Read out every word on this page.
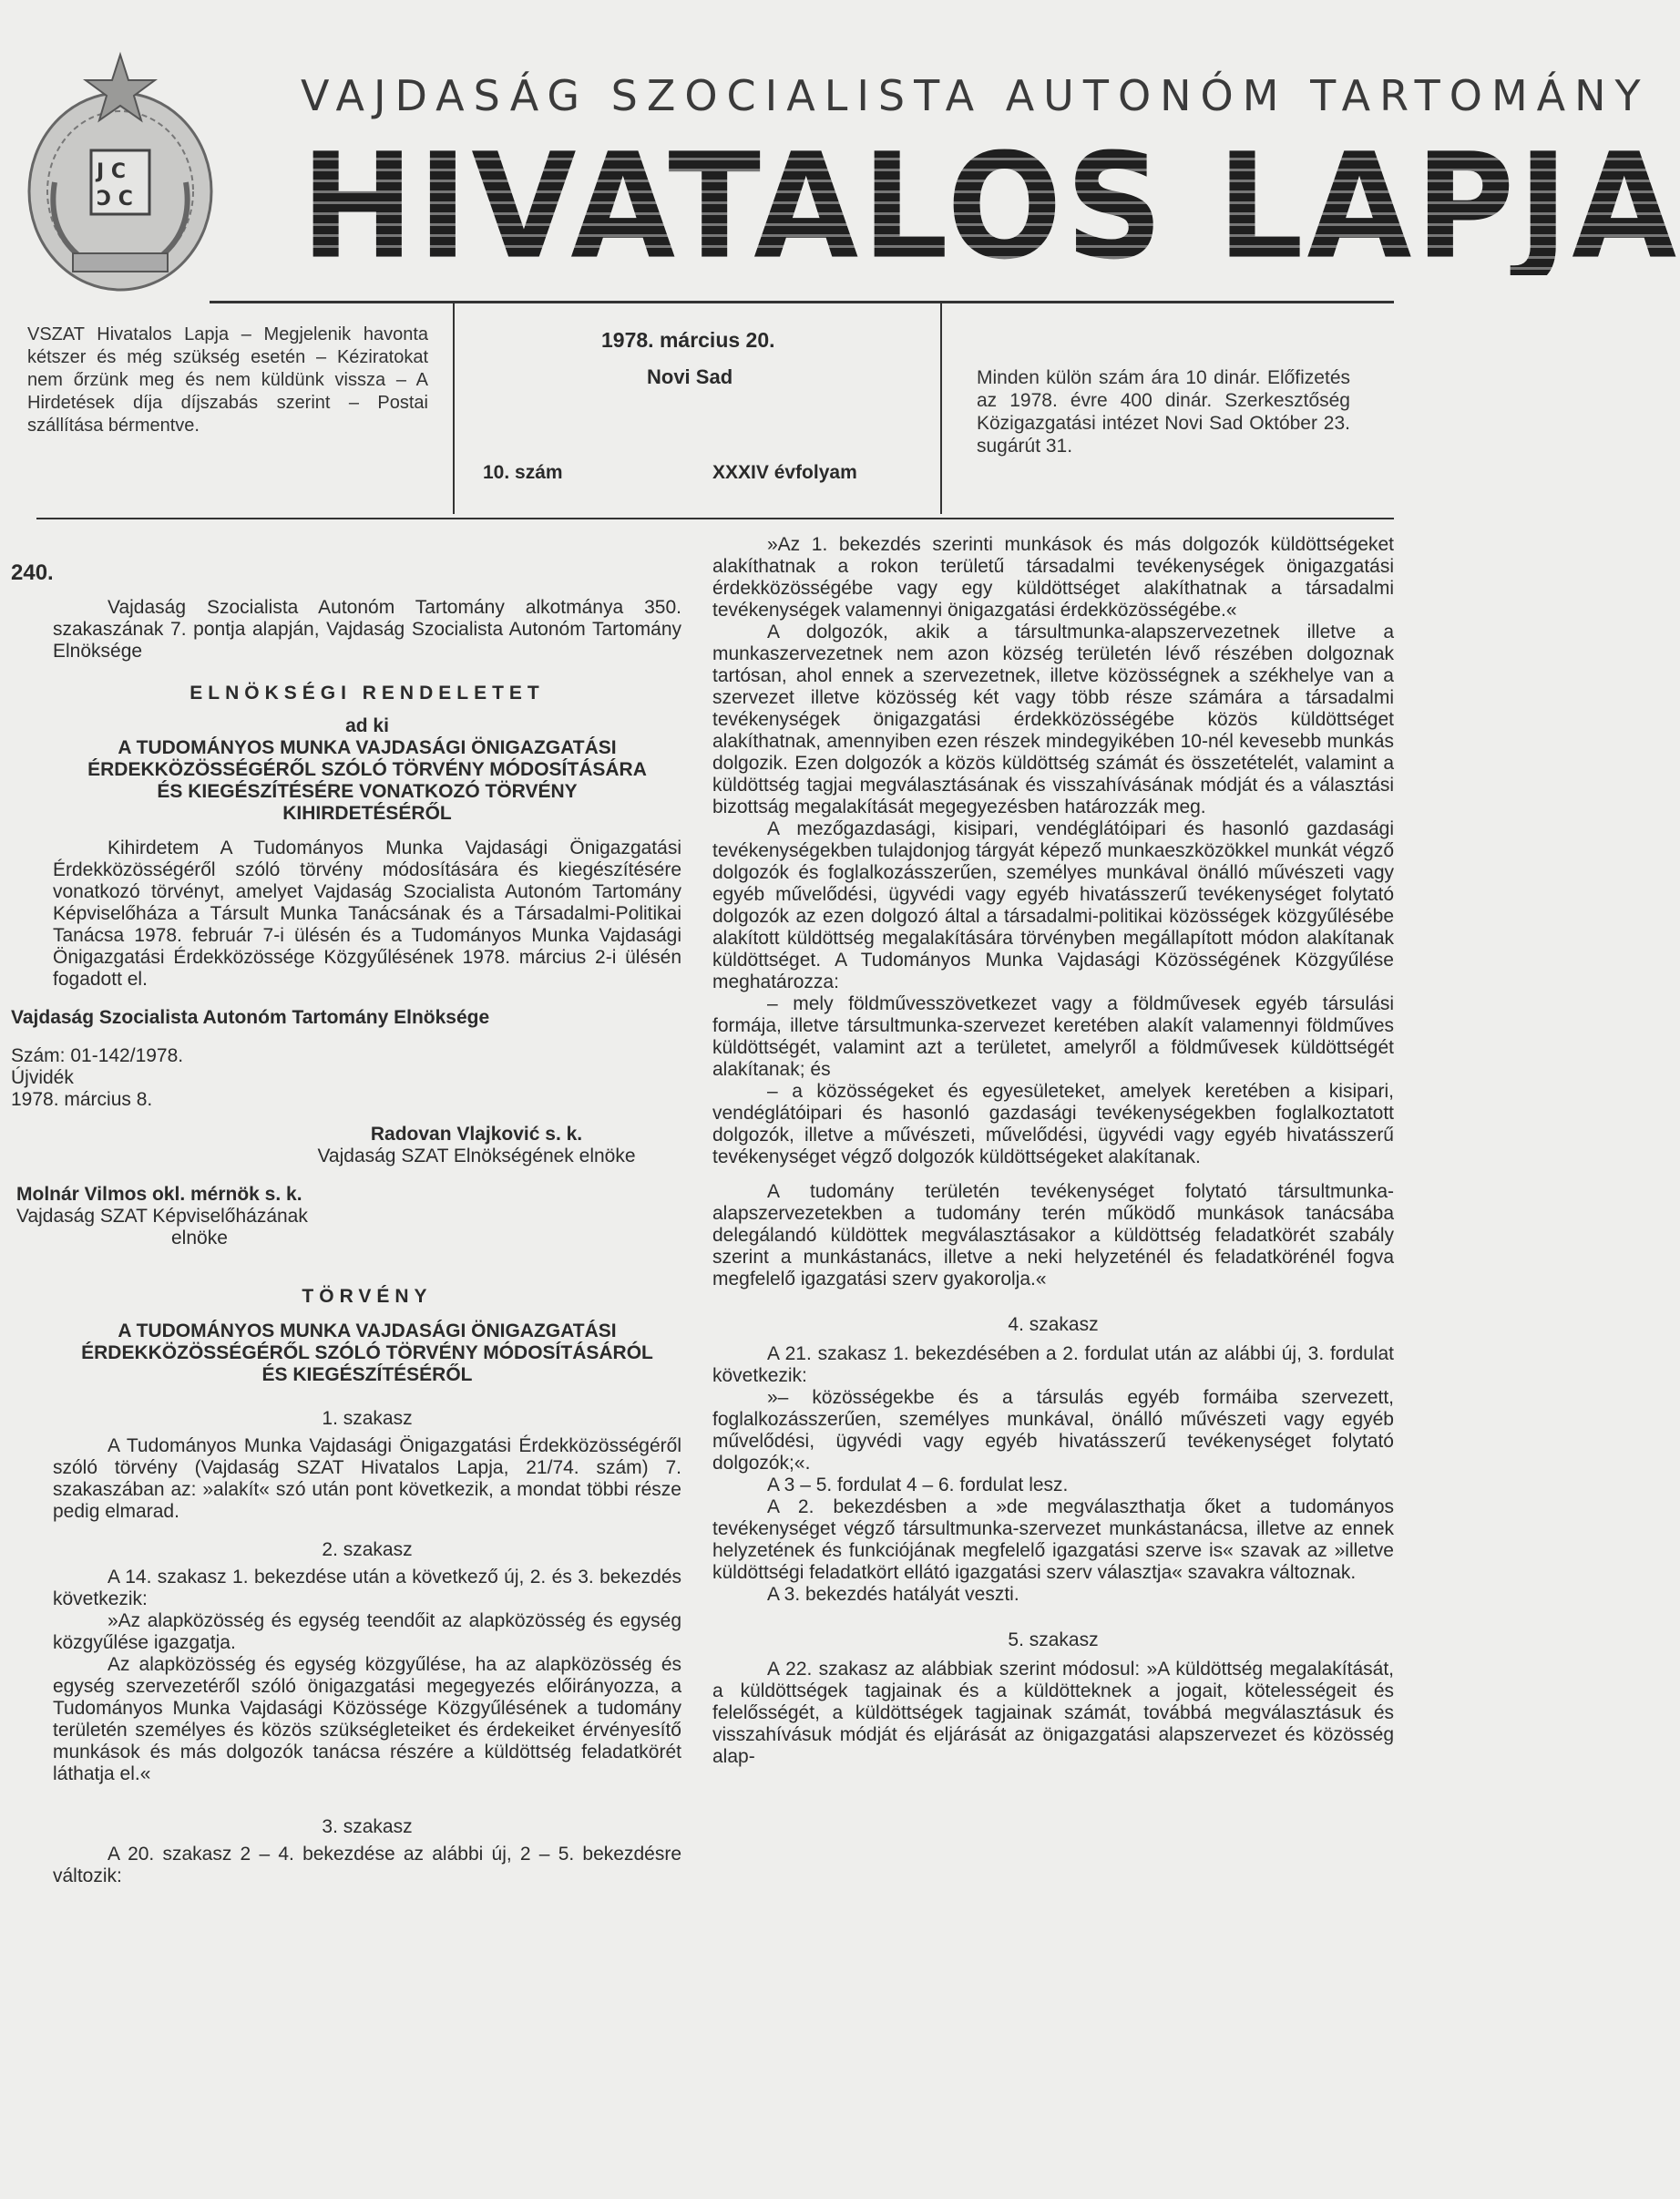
J C
Ɔ C
VAJDASÁG SZOCIALISTA AUTONÓM TARTOMÁNY
HIVATALOS LAPJA

VSZAT Hivatalos Lapja – Megjelenik havonta kétszer és még szükség esetén – Kéziratokat nem őrzünk meg és nem küldünk vissza – A Hirdetések díja díjszabás szerint – Postai szállítása bérmentve.

1978. március 20.
Novi Sad
10. szám	XXXIV évfolyam
Minden külön szám ára 10 dinár. Előfizetés az 1978. évre 400 dinár. Szerkesztőség Közigazgatási intézet Novi Sad Október 23. sugárút 31.

240.

Vajdaság Szocialista Autonóm Tartomány alkotmánya 350. szakaszának 7. pontja alapján, Vajdaság Szocialista Autonóm Tartomány Elnöksége

ELNÖKSÉGI RENDELETET

ad ki

A TUDOMÁNYOS MUNKA VAJDASÁGI ÖNIGAZGATÁSI ÉRDEKKÖZÖSSÉGÉRŐL SZÓLÓ TÖRVÉNY MÓDOSÍTÁSÁRA ÉS KIEGÉSZÍTÉSÉRE VONATKOZÓ TÖRVÉNY KIHIRDETÉSÉRŐL

Kihirdetem A Tudományos Munka Vajdasági Önigazgatási Érdekközösségéről szóló törvény módosítására és kiegészítésére vonatkozó törvényt, amelyet Vajdaság Szocialista Autonóm Tartomány Képviselőháza a Társult Munka Tanácsának és a Társadalmi-Politikai Tanácsa 1978. február 7-i ülésén és a Tudományos Munka Vajdasági Önigazgatási Érdekközössége Közgyűlésének 1978. március 2-i ülésén fogadott el.

Vajdaság Szocialista Autonóm Tartomány Elnöksége

Szám: 01-142/1978.

Újvidék

1978. március 8.

Radovan Vlajković s. k.

Vajdaság SZAT Elnökségének elnöke

Molnár Vilmos okl. mérnök s. k.

Vajdaság SZAT Képviselőházának

elnöke

TÖRVÉNY

A TUDOMÁNYOS MUNKA VAJDASÁGI ÖNIGAZGATÁSI ÉRDEKKÖZÖSSÉGÉRŐL SZÓLÓ TÖRVÉNY MÓDOSÍTÁSÁRÓL ÉS KIEGÉSZÍTÉSÉRŐL

1. szakasz

A Tudományos Munka Vajdasági Önigazgatási Érdekközösségéről szóló törvény (Vajdaság SZAT Hivatalos Lapja, 21/74. szám) 7. szakaszában az: »alakít« szó után pont következik, a mondat többi része pedig elmarad.

2. szakasz

A 14. szakasz 1. bekezdése után a következő új, 2. és 3. bekezdés következik:

»Az alapközösség és egység teendőit az alapközösség és egység közgyűlése igazgatja.

Az alapközösség és egység közgyűlése, ha az alapközösség és egység szervezetéről szóló önigazgatási megegyezés előirányozza, a Tudományos Munka Vajdasági Közössége Közgyűlésének a tudomány területén személyes és közös szükségleteiket és érdekeiket érvényesítő munkások és más dolgozók tanácsa részére a küldöttség feladatkörét láthatja el.«

3. szakasz

A 20. szakasz 2 – 4. bekezdése az alábbi új, 2 – 5. bekezdésre változik:

»Az 1. bekezdés szerinti munkások és más dolgozók küldöttségeket alakíthatnak a rokon területű társadalmi tevékenységek önigazgatási érdekközösségébe vagy egy küldöttséget alakíthatnak a társadalmi tevékenységek valamennyi önigazgatási érdekközösségébe.«

A dolgozók, akik a társultmunka-alapszervezetnek illetve a munkaszervezetnek nem azon község területén lévő részében dolgoznak tartósan, ahol ennek a szervezetnek, illetve közösségnek a székhelye van a szervezet illetve közösség két vagy több része számára a társadalmi tevékenységek önigazgatási érdekközösségébe közös küldöttséget alakíthatnak, amennyiben ezen részek mindegyikében 10-nél kevesebb munkás dolgozik. Ezen dolgozók a közös küldöttség számát és összetételét, valamint a küldöttség tagjai megválasztásának és visszahívásának módját és a választási bizottság megalakítását megegyezésben határozzák meg.

A mezőgazdasági, kisipari, vendéglátóipari és hasonló gazdasági tevékenységekben tulajdonjog tárgyát képező munkaeszközökkel munkát végző dolgozók és foglalkozásszerűen, személyes munkával önálló művészeti vagy egyéb művelődési, ügyvédi vagy egyéb hivatásszerű tevékenységet folytató dolgozók az ezen dolgozó által a társadalmi-politikai közösségek közgyűlésébe alakított küldöttség megalakítására törvényben megállapított módon alakítanak küldöttséget. A Tudományos Munka Vajdasági Közösségének Közgyűlése meghatározza:

– mely földművesszövetkezet vagy a földművesek egyéb társulási formája, illetve társultmunka-szervezet keretében alakít valamennyi földműves küldöttségét, valamint azt a területet, amelyről a földművesek küldöttségét alakítanak; és

– a közösségeket és egyesületeket, amelyek keretében a kisipari, vendéglátóipari és hasonló gazdasági tevékenységekben foglalkoztatott dolgozók, illetve a művészeti, művelődési, ügyvédi vagy egyéb hivatásszerű tevékenységet végző dolgozók küldöttségeket alakítanak.

A tudomány területén tevékenységet folytató társultmunka-alapszervezetekben a tudomány terén működő munkások tanácsába delegálandó küldöttek megválasztásakor a küldöttség feladatkörét szabály szerint a munkástanács, illetve a neki helyzeténél és feladatkörénél fogva megfelelő igazgatási szerv gyakorolja.«

4. szakasz

A 21. szakasz 1. bekezdésében a 2. fordulat után az alábbi új, 3. fordulat következik:

»– közösségekbe és a társulás egyéb formáiba szervezett, foglalkozásszerűen, személyes munkával, önálló művészeti vagy egyéb művelődési, ügyvédi vagy egyéb hivatásszerű tevékenységet folytató dolgozók;«.

A 3 – 5. fordulat 4 – 6. fordulat lesz.

A 2. bekezdésben a »de megválaszthatja őket a tudományos tevékenységet végző társultmunka-szervezet munkástanácsa, illetve az ennek helyzetének és funkciójának megfelelő igazgatási szerve is« szavak az »illetve küldöttségi feladatkört ellátó igazgatási szerv választja« szavakra változnak.

A 3. bekezdés hatályát veszti.

5. szakasz

A 22. szakasz az alábbiak szerint módosul: »A küldöttség megalakítását, a küldöttségek tagjainak és a küldötteknek a jogait, kötelességeit és felelősségét, a küldöttségek tagjainak számát, továbbá megválasztásuk és visszahívásuk módját és eljárását az önigazgatási alapszervezet és közösség alap-
